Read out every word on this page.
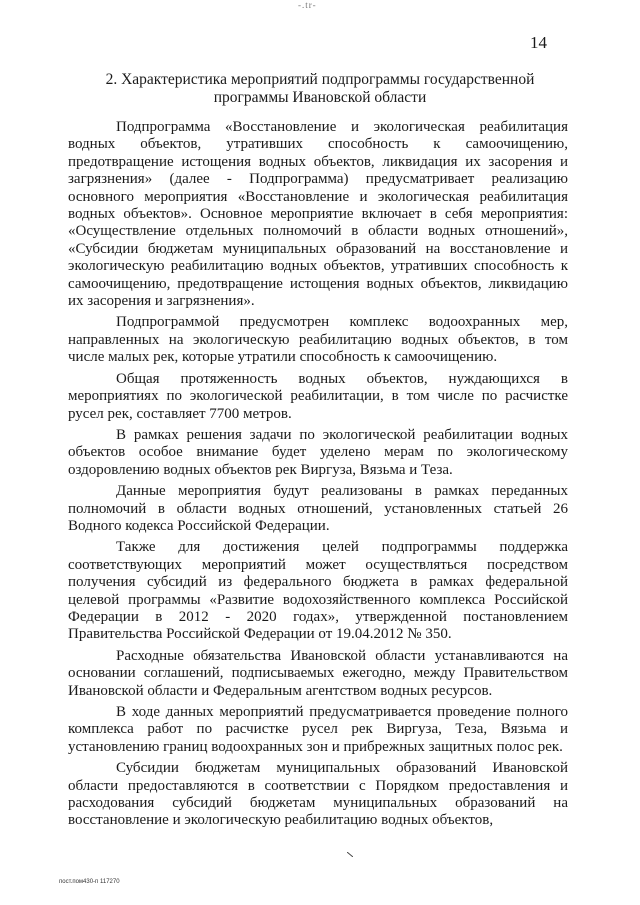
-.tr-
14
2. Характеристика мероприятий подпрограммы государственной
программы Ивановской области

Подпрограмма «Восстановление и экологическая реабилитация водных объектов, утративших способность к самоочищению, предотвращение истощения водных объектов, ликвидация их засорения и загрязнения» (далее - Подпрограмма) предусматривает реализацию основного мероприятия «Восстановление и экологическая реабилитация водных объектов». Основное мероприятие включает в себя мероприятия: «Осуществление отдельных полномочий в области водных отношений», «Субсидии бюджетам муниципальных образований на восстановление и экологическую реабилитацию водных объектов, утративших способность к самоочищению, предотвращение истощения водных объектов, ликвидацию их засорения и загрязнения».

Подпрограммой предусмотрен комплекс водоохранных мер, направленных на экологическую реабилитацию водных объектов, в том числе малых рек, которые утратили способность к самоочищению.

Общая протяженность водных объектов, нуждающихся в мероприятиях по экологической реабилитации, в том числе по расчистке русел рек, составляет 7700 метров.

В рамках решения задачи по экологической реабилитации водных объектов особое внимание будет уделено мерам по экологическому оздоровлению водных объектов рек Виргуза, Вязьма и Теза.

Данные мероприятия будут реализованы в рамках переданных полномочий в области водных отношений, установленных статьей 26 Водного кодекса Российской Федерации.

Также для достижения целей подпрограммы поддержка соответствующих мероприятий может осуществляться посредством получения субсидий из федерального бюджета в рамках федеральной целевой программы «Развитие водохозяйственного комплекса Российской Федерации в 2012 - 2020 годах», утвержденной постановлением Правительства Российской Федерации от 19.04.2012 № 350.

Расходные обязательства Ивановской области устанавливаются на основании соглашений, подписываемых ежегодно, между Правительством Ивановской области и Федеральным агентством водных ресурсов.

В ходе данных мероприятий предусматривается проведение полного комплекса работ по расчистке русел рек Виргуза, Теза, Вязьма и установлению границ водоохранных зон и прибрежных защитных полос рек.

Субсидии бюджетам муниципальных образований Ивановской области предоставляются в соответствии с Порядком предоставления и расходования субсидий бюджетам муниципальных образований на восстановление и экологическую реабилитацию водных объектов,

пост.пом430-п 117270
